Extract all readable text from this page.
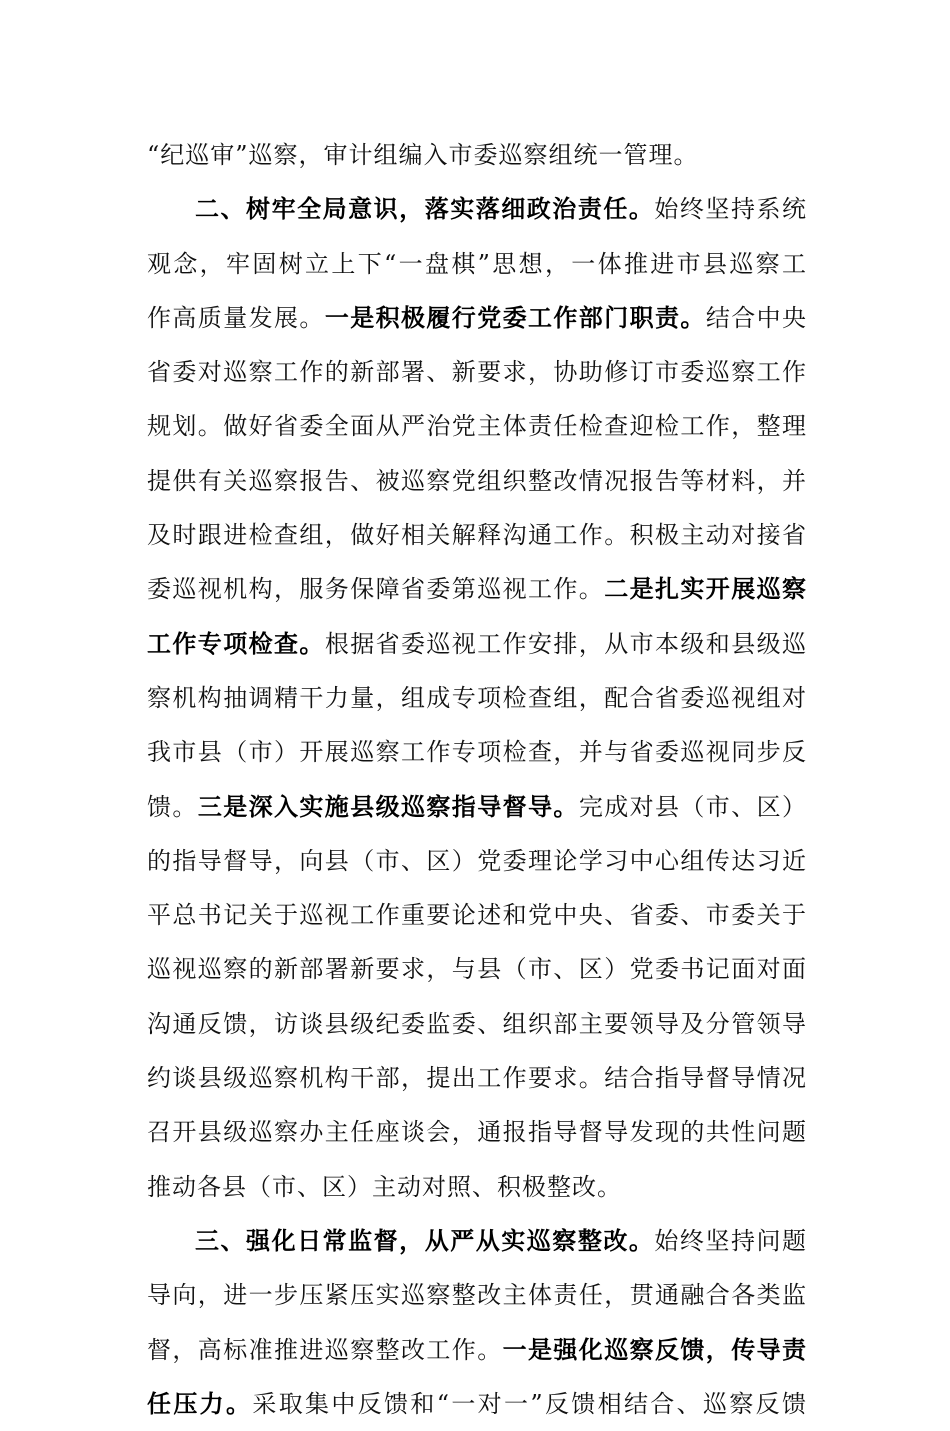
“纪巡审”巡察，审计组编入市委巡察组统一管理。
二、树牢全局意识，落实落细政治责任。始终坚持系统
观念，牢固树立上下“一盘棋”思想，一体推进市县巡察工
作高质量发展。一是积极履行党委工作部门职责。结合中央
省委对巡察工作的新部署、新要求，协助修订市委巡察工作
规划。做好省委全面从严治党主体责任检查迎检工作，整理
提供有关巡察报告、被巡察党组织整改情况报告等材料，并
及时跟进检查组，做好相关解释沟通工作。积极主动对接省
委巡视机构，服务保障省委第巡视工作。二是扎实开展巡察
工作专项检查。根据省委巡视工作安排，从市本级和县级巡
察机构抽调精干力量，组成专项检查组，配合省委巡视组对
我市县（市）开展巡察工作专项检查，并与省委巡视同步反
馈。三是深入实施县级巡察指导督导。完成对县（市、区）
的指导督导，向县（市、区）党委理论学习中心组传达习近
平总书记关于巡视工作重要论述和党中央、省委、市委关于
巡视巡察的新部署新要求，与县（市、区）党委书记面对面
沟通反馈，访谈县级纪委监委、组织部主要领导及分管领导
约谈县级巡察机构干部，提出工作要求。结合指导督导情况
召开县级巡察办主任座谈会，通报指导督导发现的共性问题
推动各县（市、区）主动对照、积极整改。
三、强化日常监督，从严从实巡察整改。始终坚持问题
导向，进一步压紧压实巡察整改主体责任，贯通融合各类监
督，高标准推进巡察整改工作。一是强化巡察反馈，传导责
任压力。采取集中反馈和“一对一”反馈相结合、巡察反馈
